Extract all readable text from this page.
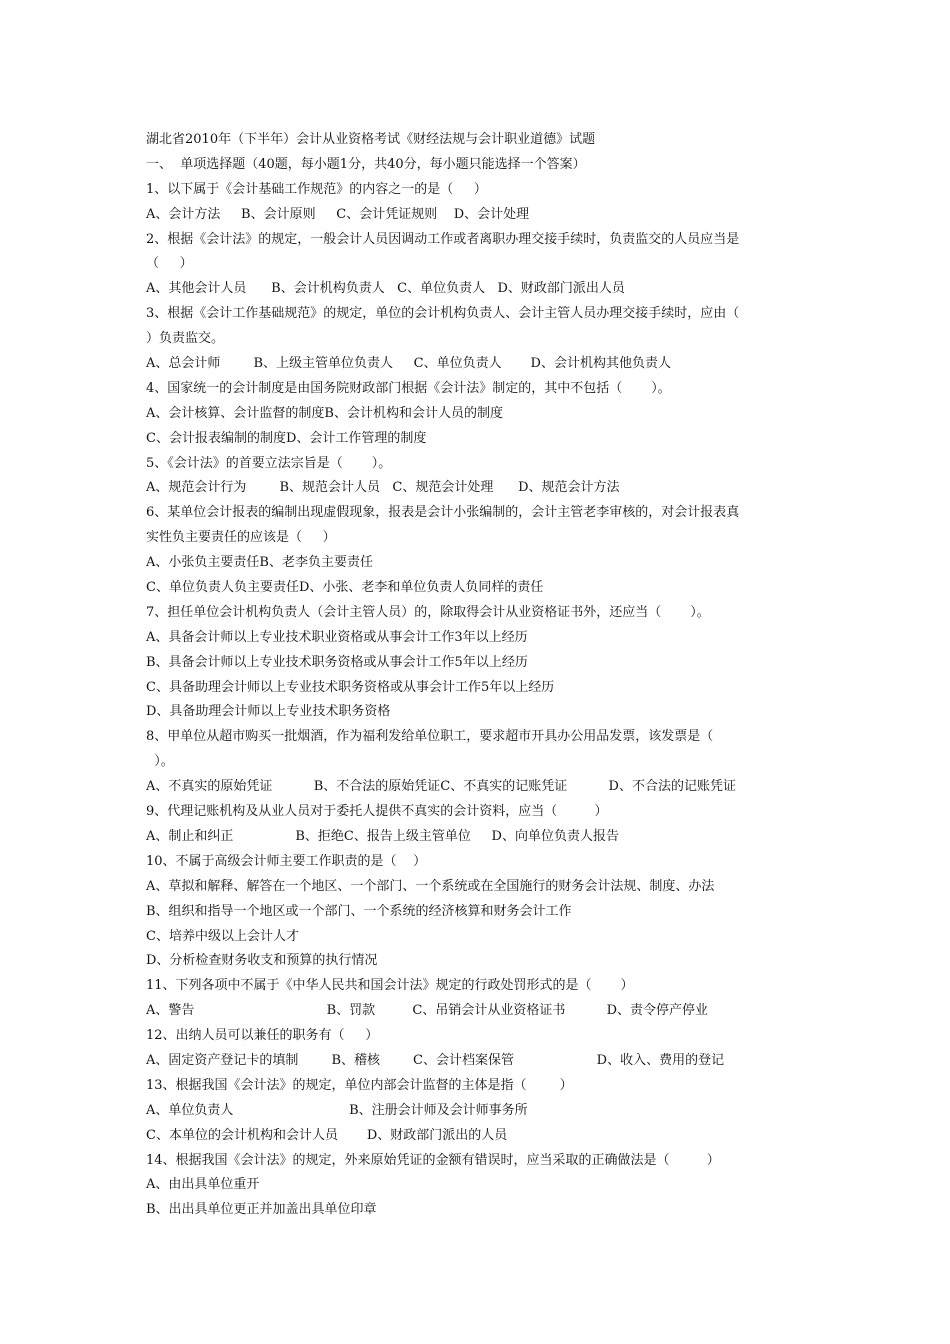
湖北省2010年（下半年）会计从业资格考试《财经法规与会计职业道德》试题
一、  单项选择题（40题，每小题1分，共40分，每小题只能选择一个答案）
1、以下属于《会计基础工作规范》的内容之一的是（     ）
A、会计方法     B、会计原则     C、会计凭证规则    D、会计处理
2、根据《会计法》的规定，一般会计人员因调动工作或者离职办理交接手续时，负责监交的人员应当是
（     ）
A、其他会计人员      B、会计机构负责人   C、单位负责人   D、财政部门派出人员
3、根据《会计工作基础规范》的规定，单位的会计机构负责人、会计主管人员办理交接手续时，应由（
）负责监交。
A、总会计师        B、上级主管单位负责人     C、单位负责人       D、会计机构其他负责人
4、国家统一的会计制度是由国务院财政部门根据《会计法》制定的，其中不包括（       ）。
A、会计核算、会计监督的制度B、会计机构和会计人员的制度
C、会计报表编制的制度D、会计工作管理的制度
5、《会计法》的首要立法宗旨是（       ）。
A、规范会计行为        B、规范会计人员   C、规范会计处理      D、规范会计方法
6、某单位会计报表的编制出现虚假现象，报表是会计小张编制的，会计主管老李审核的，对会计报表真
实性负主要责任的应该是（     ）
A、小张负主要责任B、老李负主要责任
C、单位负责人负主要责任D、小张、老李和单位负责人负同样的责任
7、担任单位会计机构负责人（会计主管人员）的，除取得会计从业资格证书外，还应当（       ）。
A、具备会计师以上专业技术职业资格或从事会计工作3年以上经历
B、具备会计师以上专业技术职务资格或从事会计工作5年以上经历
C、具备助理会计师以上专业技术职务资格或从事会计工作5年以上经历
D、具备助理会计师以上专业技术职务资格
8、甲单位从超市购买一批烟酒，作为福利发给单位职工，要求超市开具办公用品发票，该发票是（
）。
A、不真实的原始凭证          B、不合法的原始凭证C、不真实的记账凭证          D、不合法的记账凭证
9、代理记账机构及从业人员对于委托人提供不真实的会计资料，应当（         ）
A、制止和纠正               B、拒绝C、报告上级主管单位     D、向单位负责人报告
10、不属于高级会计师主要工作职责的是（    ）
A、草拟和解释、解答在一个地区、一个部门、一个系统或在全国施行的财务会计法规、制度、办法
B、组织和指导一个地区或一个部门、一个系统的经济核算和财务会计工作
C、培养中级以上会计人才
D、分析检查财务收支和预算的执行情况
11、下列各项中不属于《中华人民共和国会计法》规定的行政处罚形式的是（       ）
A、警告                                B、罚款         C、吊销会计从业资格证书          D、责令停产停业
12、出纳人员可以兼任的职务有（     ）
A、固定资产登记卡的填制        B、稽核        C、会计档案保管                    D、收入、费用的登记
13、根据我国《会计法》的规定，单位内部会计监督的主体是指（        ）
A、单位负责人                            B、注册会计师及会计师事务所
C、本单位的会计机构和会计人员       D、财政部门派出的人员
14、根据我国《会计法》的规定，外来原始凭证的金额有错误时，应当采取的正确做法是（         ）
A、由出具单位重开
B、出出具单位更正并加盖出具单位印章
